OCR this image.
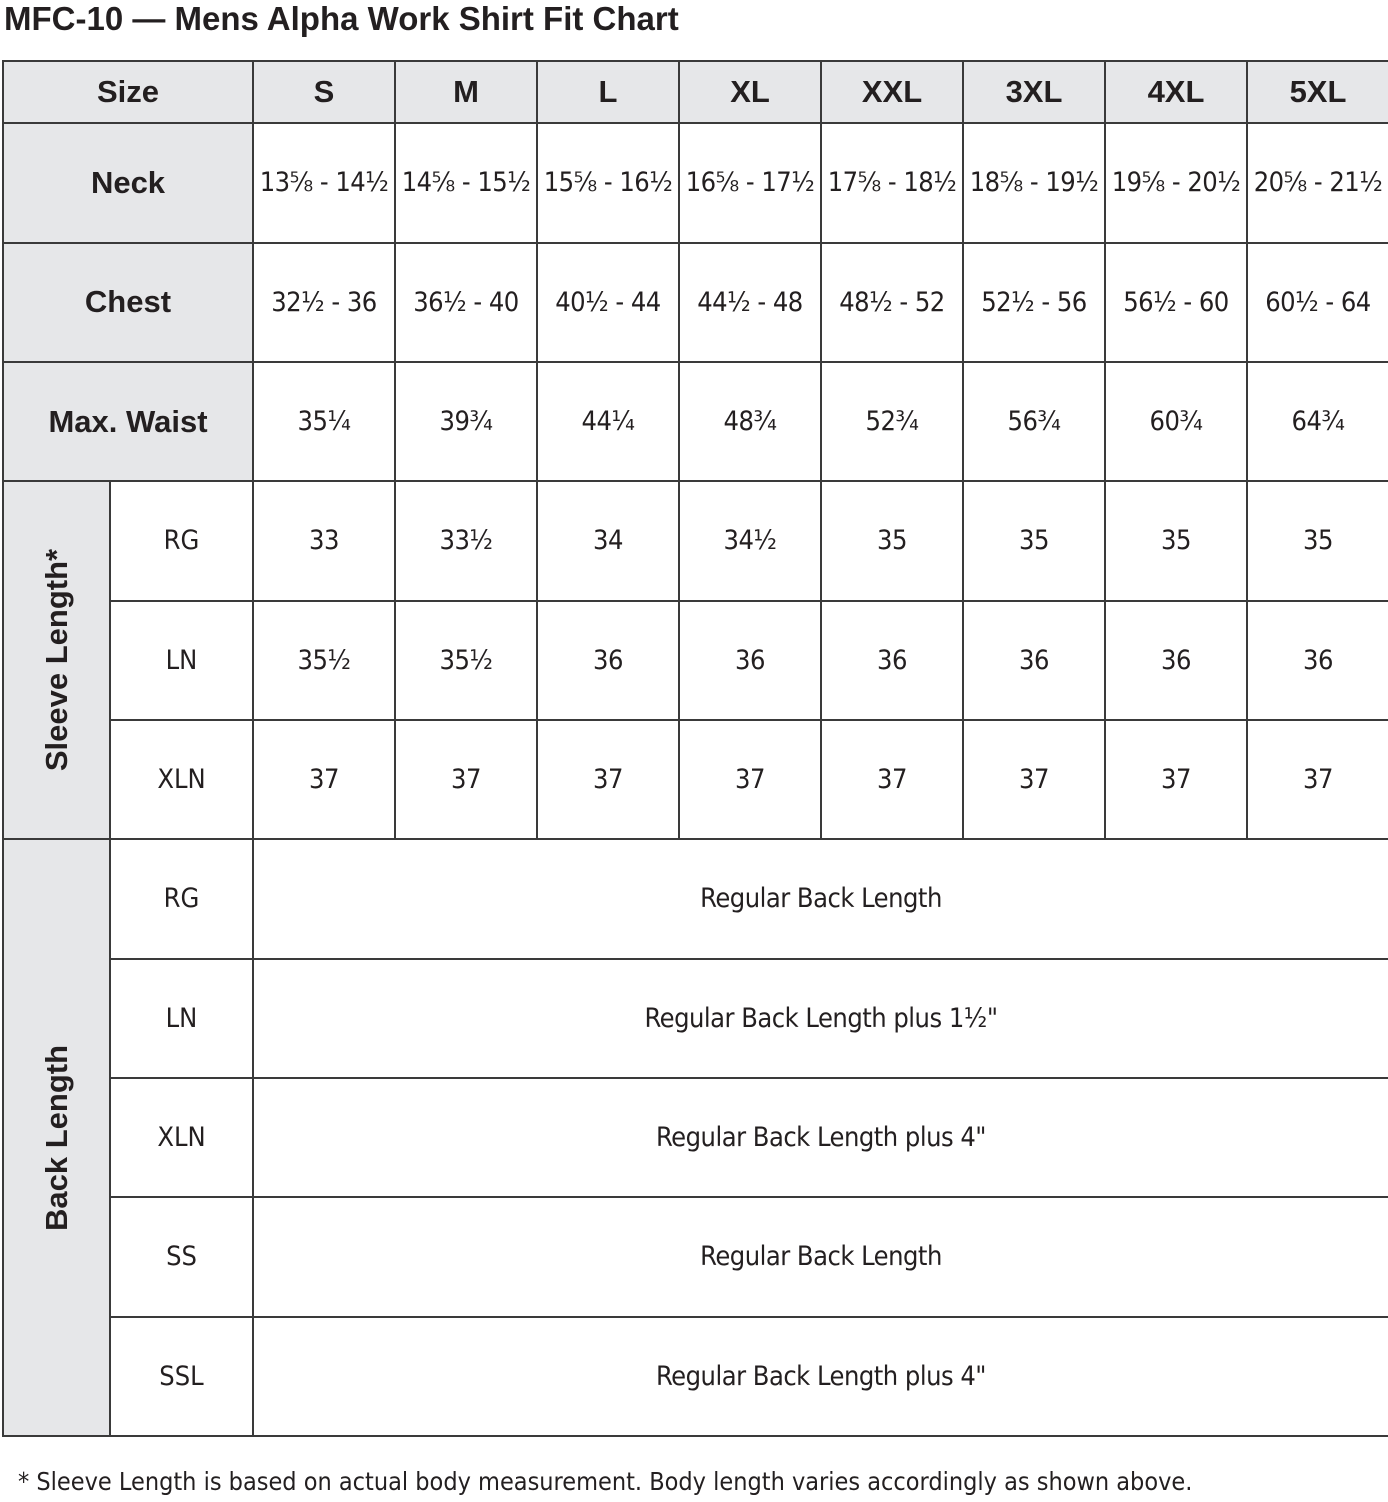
MFC-10 — Mens Alpha Work Shirt Fit Chart
Size		S	M	L	XL	XXL	3XL	4XL	5XL
Neck		13⅝ - 14½	14⅝ - 15½	15⅝ - 16½	16⅝ - 17½	17⅝ - 18½	18⅝ - 19½	19⅝ - 20½	20⅝ - 21½
Chest		32½ - 36	36½ - 40	40½ - 44	44½ - 48	48½ - 52	52½ - 56	56½ - 60	60½ - 64
Max. Waist		35¼	39¾	44¼	48¾	52¾	56¾	60¾	64¾

Sleeve Length*	RG	33	33½	34	34½	35	35	35	35
	LN	35½	35½	36	36	36	36	36	36
	XLN	37	37	37	37	37	37	37	37

Back Length	RG	Regular Back Length							
	LN	Regular Back Length plus 1½"							
	XLN	Regular Back Length plus 4"							
	SS	Regular Back Length							
	SSL	Regular Back Length plus 4"							
* Sleeve Length is based on actual body measurement. Body length varies accordingly as shown above.
